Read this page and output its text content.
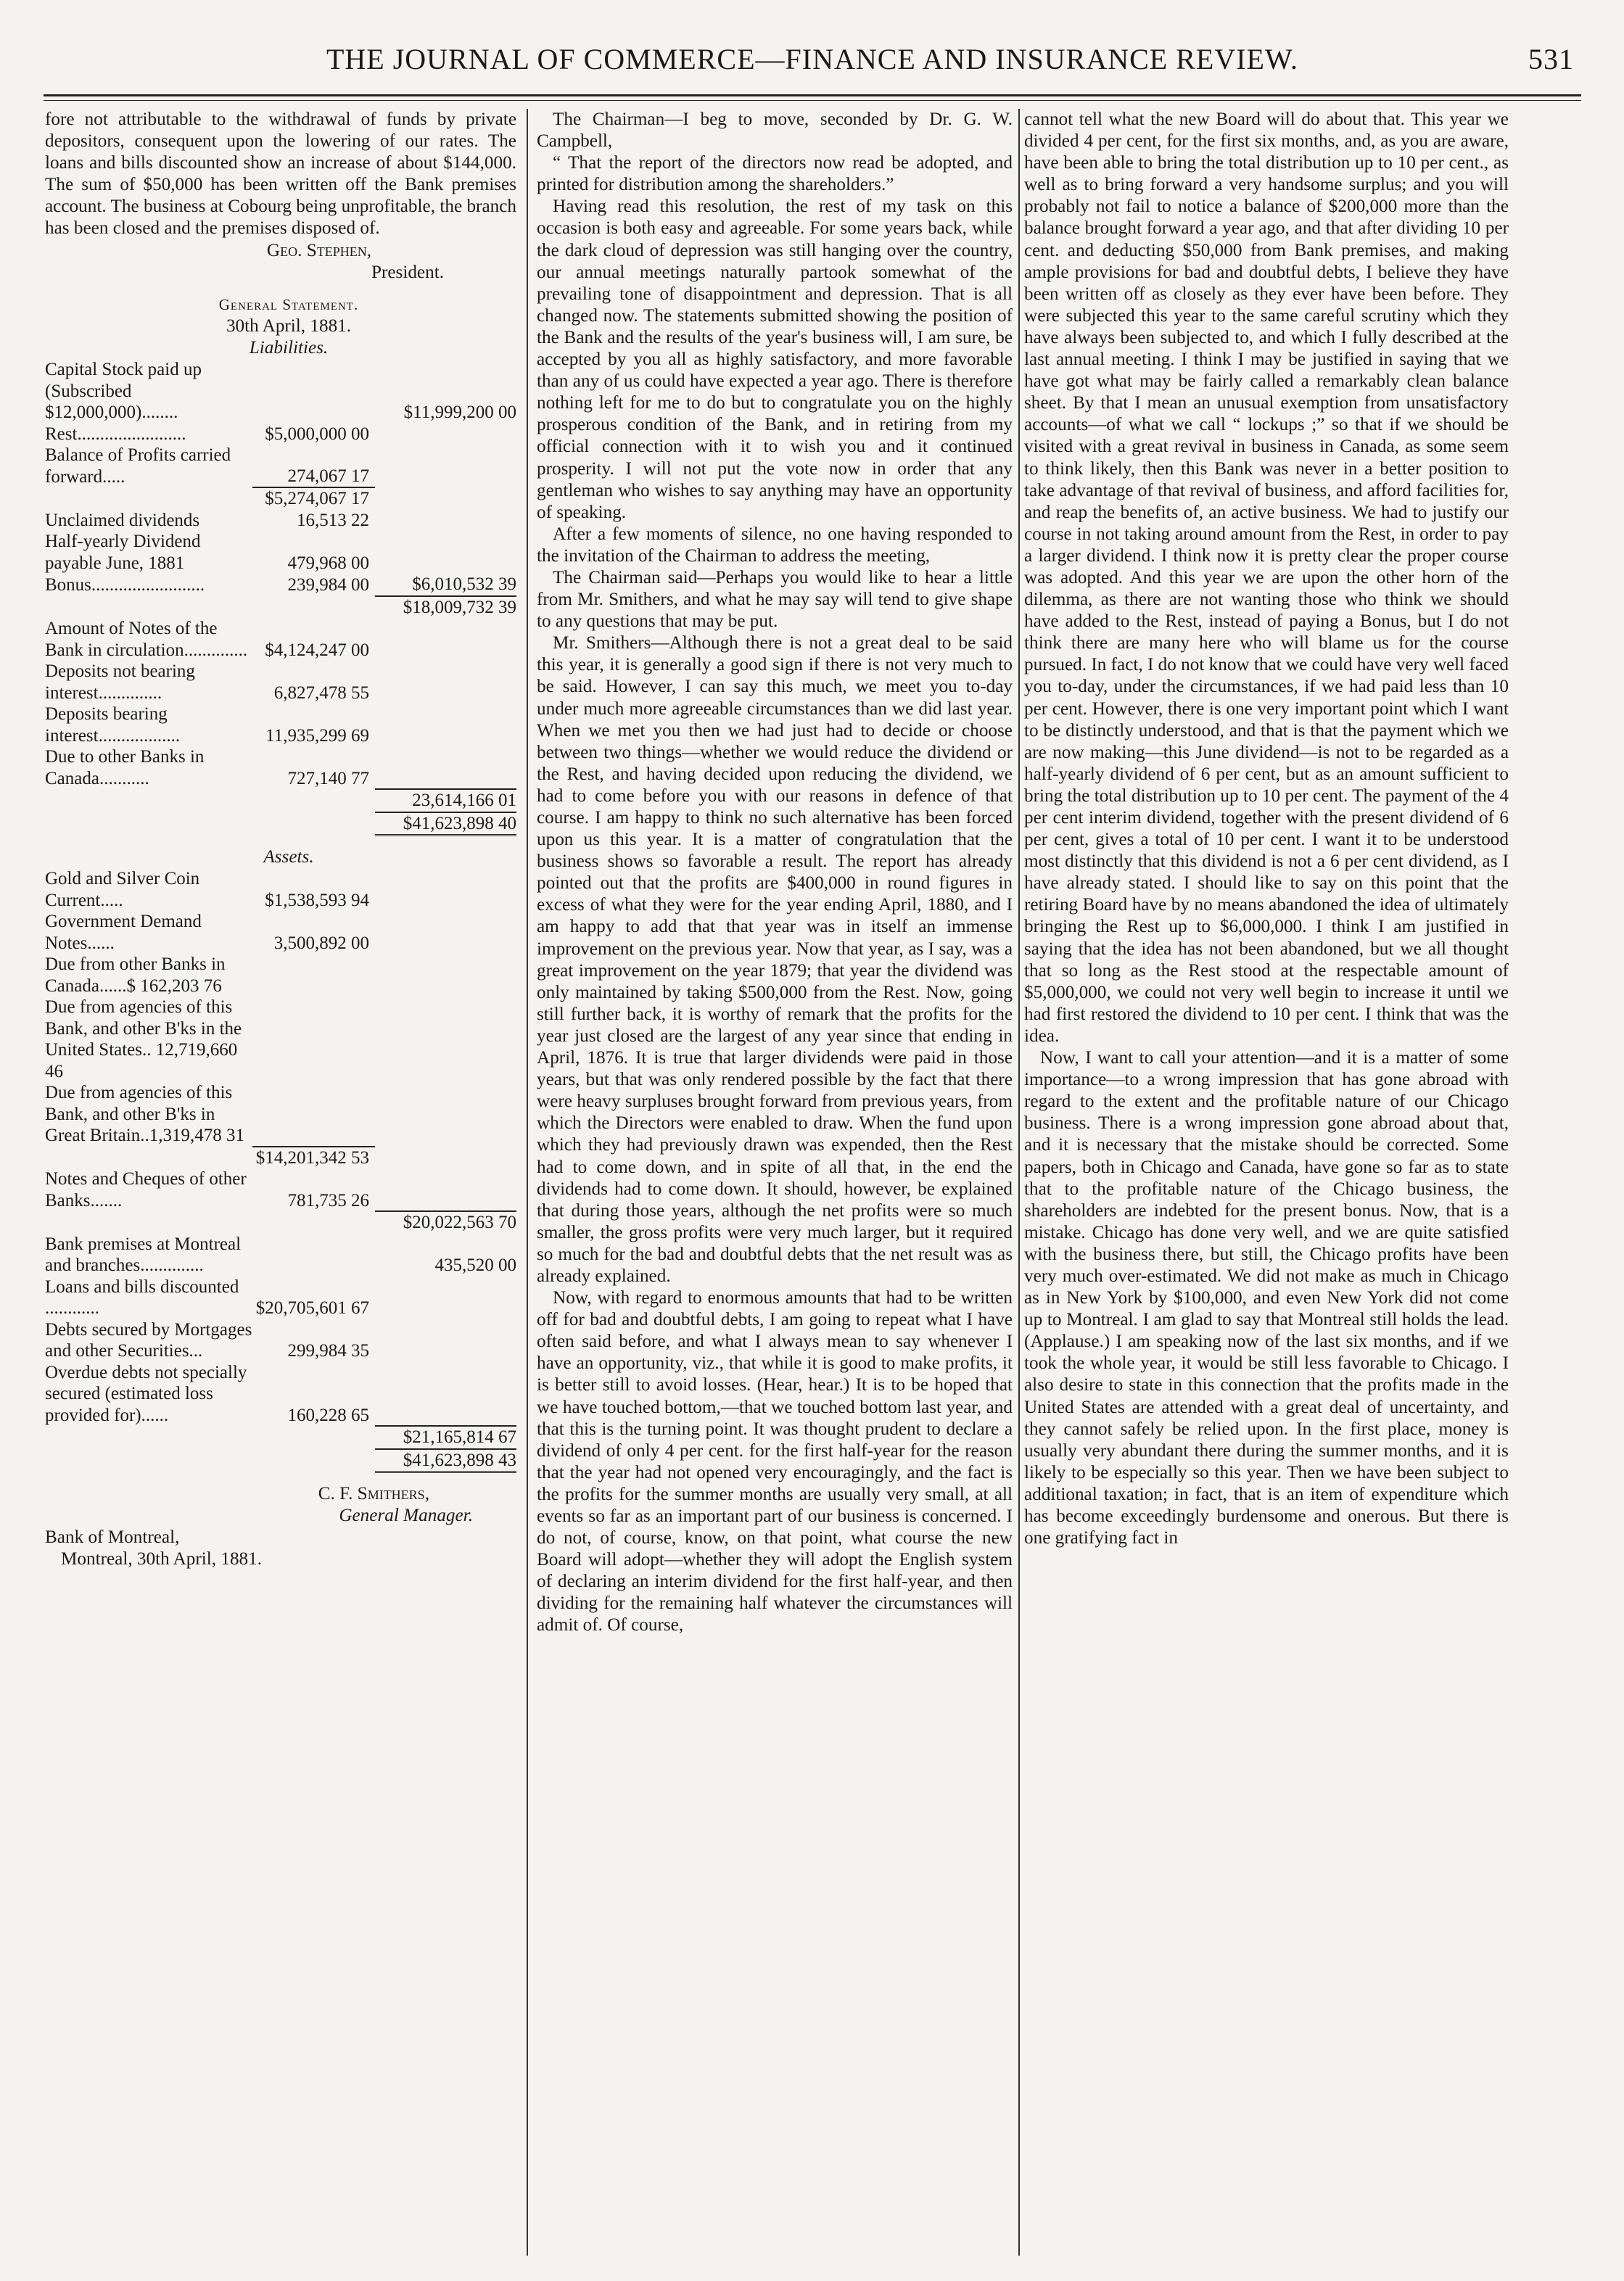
THE JOURNAL OF COMMERCE—FINANCE AND INSURANCE REVIEW.	531

fore not attributable to the withdrawal of funds by private depositors, consequent upon the lowering of our rates. The loans and bills discounted show an increase of about $144,000. The sum of $50,000 has been written off the Bank premises account. The business at Cobourg being unprofitable, the branch has been closed and the premises disposed of.

Geo. Stephen,

President.

General Statement.

30th April, 1881.

Liabilities.

Capital Stock paid up (Subscribed $12,000,000)........		$11,999,200 00
Rest........................	$5,000,000 00	
Balance of Profits carried forward.....	274,067 17	
	$5,274,067 17	
Unclaimed dividends	16,513 22	
Half-yearly Dividend payable June, 1881	479,968 00	
Bonus.........................	239,984 00	$6,010,532 39
		$18,009,732 39
Amount of Notes of the Bank in circulation..............	$4,124,247 00	
Deposits not bearing interest..............	6,827,478 55	
Deposits bearing interest..................	11,935,299 69	
Due to other Banks in Canada...........	727,140 77	
		23,614,166 01
		$41,623,898 40

Assets.

Gold and Silver Coin Current.....	$1,538,593 94	
Government Demand Notes......	3,500,892 00	
Due from other Banks in Canada......$ 162,203 76		
Due from agencies of this Bank, and other B'ks in the United States.. 12,719,660 46		
Due from agencies of this Bank, and other B'ks in Great Britain..1,319,478 31		
	$14,201,342 53	
Notes and Cheques of other Banks.......	781,735 26	
		$20,022,563 70
Bank premises at Montreal and branches..............		435,520 00
Loans and bills discounted ............	$20,705,601 67	
Debts secured by Mortgages and other Securities...	299,984 35	
Overdue debts not specially secured (estimated loss provided for)......	160,228 65	
		$21,165,814 67
		$41,623,898 43

C. F. Smithers,

General Manager.

Bank of Montreal,

Montreal, 30th April, 1881.

The Chairman—I beg to move, seconded by Dr. G. W. Campbell,

“ That the report of the directors now read be adopted, and printed for distribution among the shareholders.”

Having read this resolution, the rest of my task on this occasion is both easy and agreeable. For some years back, while the dark cloud of depression was still hanging over the country, our annual meetings naturally partook somewhat of the prevailing tone of disappointment and depression. That is all changed now. The statements submitted showing the position of the Bank and the results of the year's business will, I am sure, be accepted by you all as highly satisfactory, and more favorable than any of us could have expected a year ago. There is therefore nothing left for me to do but to congratulate you on the highly prosperous condition of the Bank, and in retiring from my official connection with it to wish you and it continued prosperity. I will not put the vote now in order that any gentleman who wishes to say anything may have an opportunity of speaking.

After a few moments of silence, no one having responded to the invitation of the Chairman to address the meeting,

The Chairman said—Perhaps you would like to hear a little from Mr. Smithers, and what he may say will tend to give shape to any questions that may be put.

Mr. Smithers—Although there is not a great deal to be said this year, it is generally a good sign if there is not very much to be said. However, I can say this much, we meet you to-day under much more agreeable circumstances than we did last year. When we met you then we had just had to decide or choose between two things—whether we would reduce the dividend or the Rest, and having decided upon reducing the dividend, we had to come before you with our reasons in defence of that course. I am happy to think no such alternative has been forced upon us this year. It is a matter of congratulation that the business shows so favorable a result. The report has already pointed out that the profits are $400,000 in round figures in excess of what they were for the year ending April, 1880, and I am happy to add that that year was in itself an immense improvement on the previous year. Now that year, as I say, was a great improvement on the year 1879; that year the dividend was only maintained by taking $500,000 from the Rest. Now, going still further back, it is worthy of remark that the profits for the year just closed are the largest of any year since that ending in April, 1876. It is true that larger dividends were paid in those years, but that was only rendered possible by the fact that there were heavy surpluses brought forward from previous years, from which the Directors were enabled to draw. When the fund upon which they had previously drawn was expended, then the Rest had to come down, and in spite of all that, in the end the dividends had to come down. It should, however, be explained that during those years, although the net profits were so much smaller, the gross profits were very much larger, but it required so much for the bad and doubtful debts that the net result was as already explained.

Now, with regard to enormous amounts that had to be written off for bad and doubtful debts, I am going to repeat what I have often said before, and what I always mean to say whenever I have an opportunity, viz., that while it is good to make profits, it is better still to avoid losses. (Hear, hear.) It is to be hoped that we have touched bottom,—that we touched bottom last year, and that this is the turning point. It was thought prudent to declare a dividend of only 4 per cent. for the first half-year for the reason that the year had not opened very encouragingly, and the fact is the profits for the summer months are usually very small, at all events so far as an important part of our business is concerned. I do not, of course, know, on that point, what course the new Board will adopt—whether they will adopt the English system of declaring an interim dividend for the first half-year, and then dividing for the remaining half whatever the circumstances will admit of. Of course,

cannot tell what the new Board will do about that. This year we divided 4 per cent, for the first six months, and, as you are aware, have been able to bring the total distribution up to 10 per cent., as well as to bring forward a very handsome surplus; and you will probably not fail to notice a balance of $200,000 more than the balance brought forward a year ago, and that after dividing 10 per cent. and deducting $50,000 from Bank premises, and making ample provisions for bad and doubtful debts, I believe they have been written off as closely as they ever have been before. They were subjected this year to the same careful scrutiny which they have always been subjected to, and which I fully described at the last annual meeting. I think I may be justified in saying that we have got what may be fairly called a remarkably clean balance sheet. By that I mean an unusual exemption from unsatisfactory accounts—of what we call “ lockups ;” so that if we should be visited with a great revival in business in Canada, as some seem to think likely, then this Bank was never in a better position to take advantage of that revival of business, and afford facilities for, and reap the benefits of, an active business. We had to justify our course in not taking around amount from the Rest, in order to pay a larger dividend. I think now it is pretty clear the proper course was adopted. And this year we are upon the other horn of the dilemma, as there are not wanting those who think we should have added to the Rest, instead of paying a Bonus, but I do not think there are many here who will blame us for the course pursued. In fact, I do not know that we could have very well faced you to-day, under the circumstances, if we had paid less than 10 per cent. However, there is one very important point which I want to be distinctly understood, and that is that the payment which we are now making—this June dividend—is not to be regarded as a half-yearly dividend of 6 per cent, but as an amount sufficient to bring the total distribution up to 10 per cent. The payment of the 4 per cent interim dividend, together with the present dividend of 6 per cent, gives a total of 10 per cent. I want it to be understood most distinctly that this dividend is not a 6 per cent dividend, as I have already stated. I should like to say on this point that the retiring Board have by no means abandoned the idea of ultimately bringing the Rest up to $6,000,000. I think I am justified in saying that the idea has not been abandoned, but we all thought that so long as the Rest stood at the respectable amount of $5,000,000, we could not very well begin to increase it until we had first restored the dividend to 10 per cent. I think that was the idea.

Now, I want to call your attention—and it is a matter of some importance—to a wrong impression that has gone abroad with regard to the extent and the profitable nature of our Chicago business. There is a wrong impression gone abroad about that, and it is necessary that the mistake should be corrected. Some papers, both in Chicago and Canada, have gone so far as to state that to the profitable nature of the Chicago business, the shareholders are indebted for the present bonus. Now, that is a mistake. Chicago has done very well, and we are quite satisfied with the business there, but still, the Chicago profits have been very much over-estimated. We did not make as much in Chicago as in New York by $100,000, and even New York did not come up to Montreal. I am glad to say that Montreal still holds the lead. (Applause.) I am speaking now of the last six months, and if we took the whole year, it would be still less favorable to Chicago. I also desire to state in this connection that the profits made in the United States are attended with a great deal of uncertainty, and they cannot safely be relied upon. In the first place, money is usually very abundant there during the summer months, and it is likely to be especially so this year. Then we have been subject to additional taxation; in fact, that is an item of expenditure which has become exceedingly burdensome and onerous. But there is one gratifying fact in
